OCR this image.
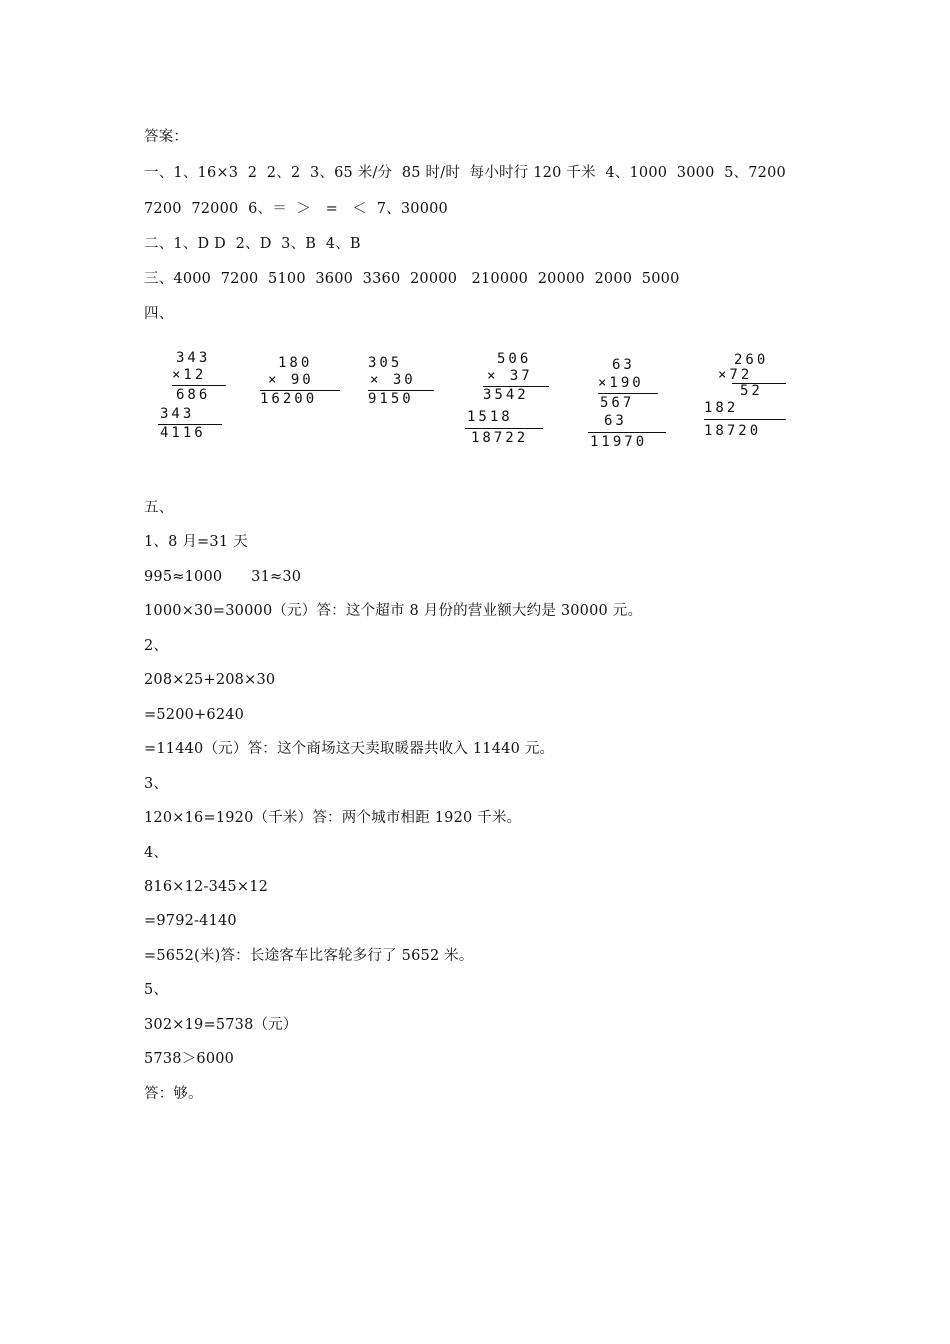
答案：
一、1、16×3  2  2、2  3、65 米/分  85 时/时  每小时行 120 千米  4、1000  3000  5、7200
7200  72000  6、＝  ＞   =   ＜  7、30000
二、1、D D  2、D  3、B  4、B
三、4000  7200  5100  3600  3360  20000   210000  20000  2000  5000
四、
343
×12
686
343
4116
180
× 90
16200
305
× 30
9150
506
× 37
3542
1518
18722
63
×190
567
63
11970
260
×72
52
182
18720
五、
1、8 月=31 天
995≈1000      31≈30
1000×30=30000（元）答：这个超市 8 月份的营业额大约是 30000 元。
2、
208×25+208×30
=5200+6240
=11440（元）答：这个商场这天卖取暖器共收入 11440 元。
3、
120×16=1920（千米）答：两个城市相距 1920 千米。
4、
816×12-345×12
=9792-4140
=5652(米)答：长途客车比客轮多行了 5652 米。
5、
302×19=5738（元）
5738＞6000
答：够。
